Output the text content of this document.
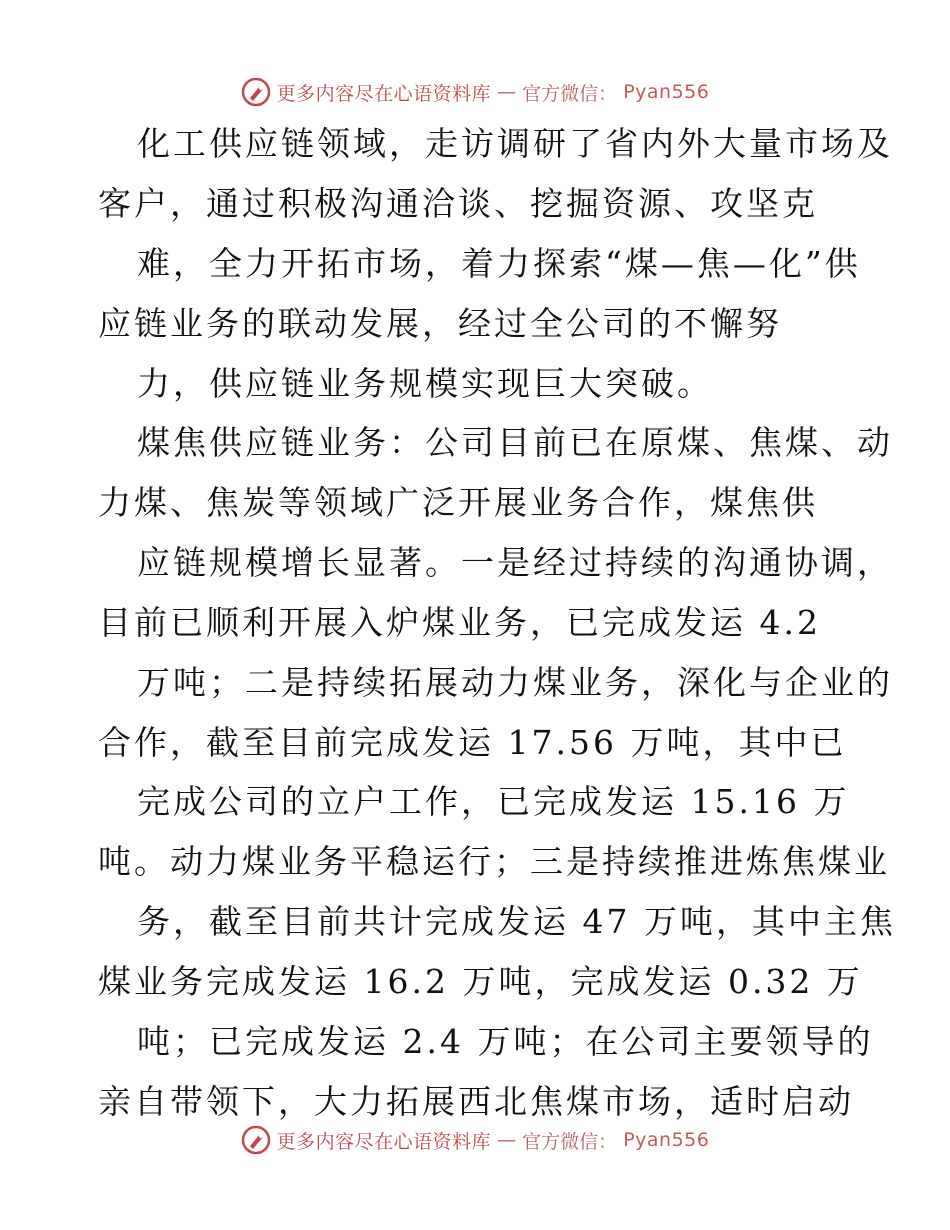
更多内容尽在心语资料库 — 官方微信： Pyan556
化工供应链领域，走访调研了省内外大量市场及
客户，通过积极沟通洽谈、挖掘资源、攻坚克
难，全力开拓市场，着力探索“煤—焦—化”供
应链业务的联动发展，经过全公司的不懈努
力，供应链业务规模实现巨大突破。
煤焦供应链业务：公司目前已在原煤、焦煤、动
力煤、焦炭等领域广泛开展业务合作，煤焦供
应链规模增长显著。一是经过持续的沟通协调，
目前已顺利开展入炉煤业务，已完成发运 4.2
万吨；二是持续拓展动力煤业务，深化与企业的
合作，截至目前完成发运 17.56 万吨，其中已
完成公司的立户工作，已完成发运 15.16 万
吨。动力煤业务平稳运行；三是持续推进炼焦煤业
务，截至目前共计完成发运 47 万吨，其中主焦
煤业务完成发运 16.2 万吨，完成发运 0.32 万
吨；已完成发运 2.4 万吨；在公司主要领导的
亲自带领下，大力拓展西北焦煤市场，适时启动
更多内容尽在心语资料库 — 官方微信： Pyan556
